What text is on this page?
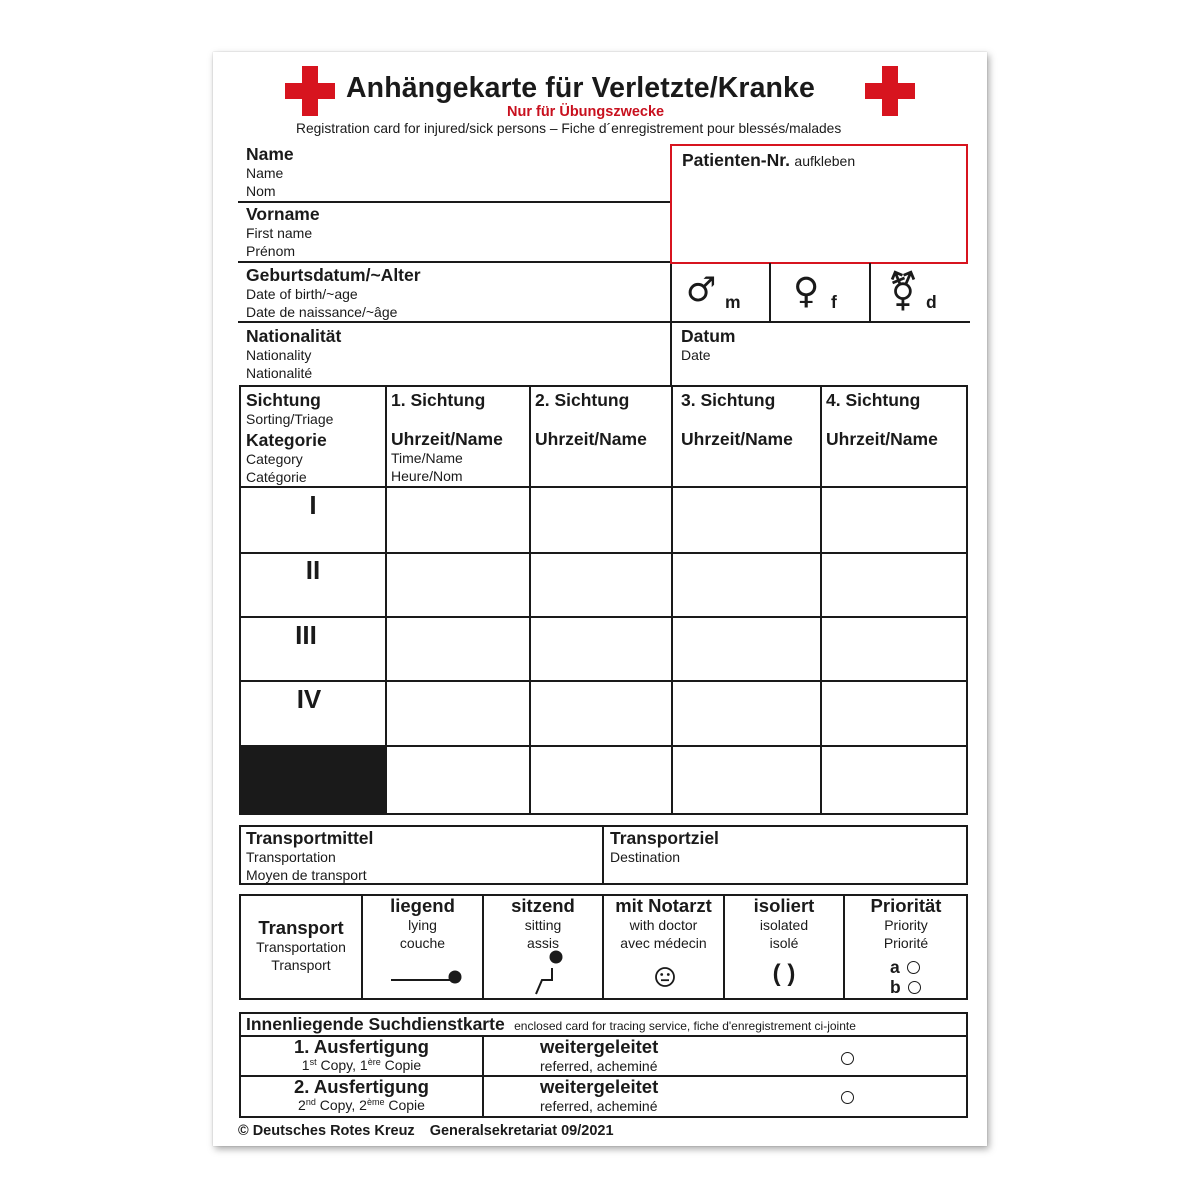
Anhängekarte für Verletzte/Kranke
Nur für Übungszwecke
Registration card for injured/sick persons – Fiche d´enregistrement pour blessés/malades
Name
Name
Nom
Vorname
First name
Prénom
Geburtsdatum/~Alter
Date of birth/~age
Date de naissance/~âge
Nationalität
Nationality
Nationalité
Patienten-Nr. aufkleben
♂ m ♀ f ⚧ d
Datum
Date
Sichtung
Sorting/Triage
Kategorie
Category
Catégorie
1. Sichtung
Uhrzeit/Name
Time/Name
Heure/Nom
2. Sichtung
Uhrzeit/Name
3. Sichtung
Uhrzeit/Name
4. Sichtung
Uhrzeit/Name
I
II
III
IV
Transportmittel
Transportation
Moyen de transport
Transportziel
Destination
Transport
Transportation
Transport
liegend
lying
couche
sitzend
sitting
assis
mit Notarzt
with doctor
avec médecin
isoliert
isolated
isolé
( )
Priorität
Priority
Priorité
a
b
Innenliegende Suchdienstkarte enclosed card for tracing service, fiche d'enregistrement ci-jointe
1. Ausfertigung
1st Copy, 1ère Copie
weitergeleitet
referred, acheminé
2. Ausfertigung
2nd Copy, 2ème Copie
weitergeleitet
referred, acheminé
© Deutsches Rotes Kreuz Generalsekretariat 09/2021
